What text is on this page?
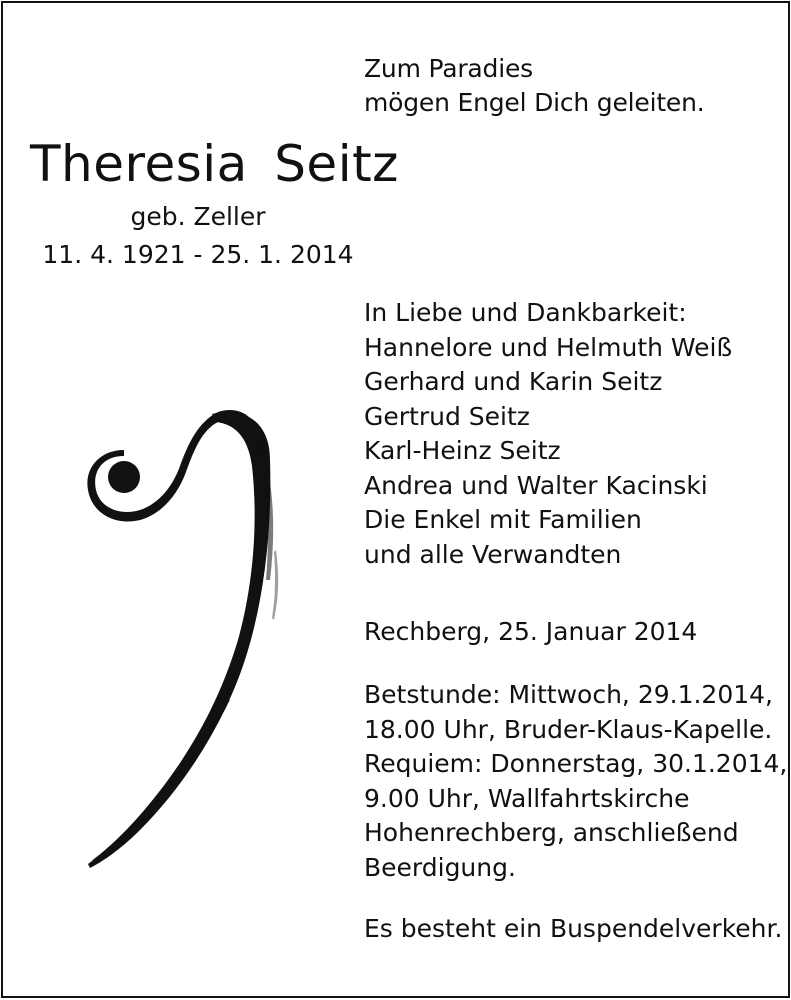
Zum Paradies
mögen Engel Dich geleiten.
Theresia Seitz
geb. Zeller
11. 4. 1921 - 25. 1. 2014
In Liebe und Dankbarkeit:
Hannelore und Helmuth Weiß
Gerhard und Karin Seitz
Gertrud Seitz
Karl-Heinz Seitz
Andrea und Walter Kacinski
Die Enkel mit Familien
und alle Verwandten
Rechberg, 25. Januar 2014
Betstunde: Mittwoch, 29.1.2014,
18.00 Uhr, Bruder-Klaus-Kapelle.
Requiem: Donnerstag, 30.1.2014,
9.00 Uhr, Wallfahrtskirche
Hohenrechberg, anschließend
Beerdigung.
Es besteht ein Buspendelverkehr.
